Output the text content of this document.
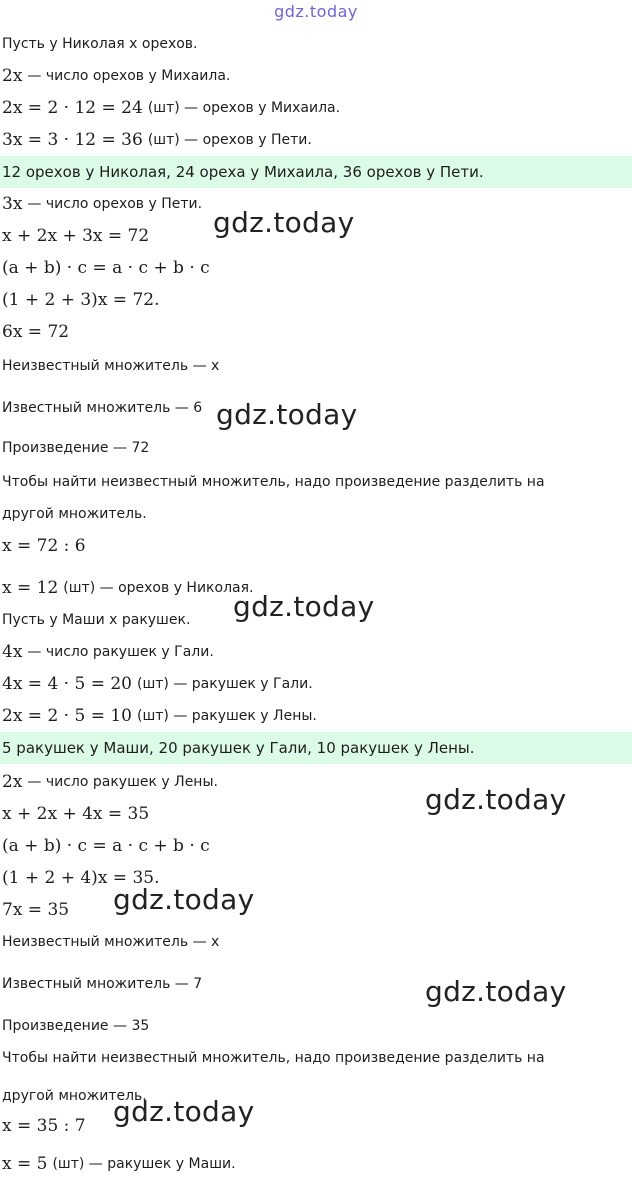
gdz.today
Пусть у Николая x орехов.
2x — число орехов у Михаила.
2x = 2 · 12 = 24 (шт) — орехов у Михаила.
3x = 3 · 12 = 36 (шт) — орехов у Пети.
12 орехов у Николая, 24 ореха у Михаила, 36 орехов у Пети.
3x — число орехов у Пети.
x + 2x + 3x = 72
(a + b) · c = a · c + b · c
(1 + 2 + 3)x = 72.
6x = 72
Неизвестный множитель — x
Известный множитель — 6
Произведение — 72
Чтобы найти неизвестный множитель, надо произведение разделить на
другой множитель.
x = 72 : 6
x = 12 (шт) — орехов у Николая.
Пусть у Маши x ракушек.
4x — число ракушек у Гали.
4x = 4 · 5 = 20 (шт) — ракушек у Гали.
2x = 2 · 5 = 10 (шт) — ракушек у Лены.
5 ракушек у Маши, 20 ракушек у Гали, 10 ракушек у Лены.
2x — число ракушек у Лены.
x + 2x + 4x = 35
(a + b) · c = a · c + b · c
(1 + 2 + 4)x = 35.
7x = 35
Неизвестный множитель — x
Известный множитель — 7
Произведение — 35
Чтобы найти неизвестный множитель, надо произведение разделить на
другой множитель.
x = 35 : 7
x = 5 (шт) — ракушек у Маши.
gdz.today
gdz.today
gdz.today
gdz.today
gdz.today
gdz.today
gdz.today
